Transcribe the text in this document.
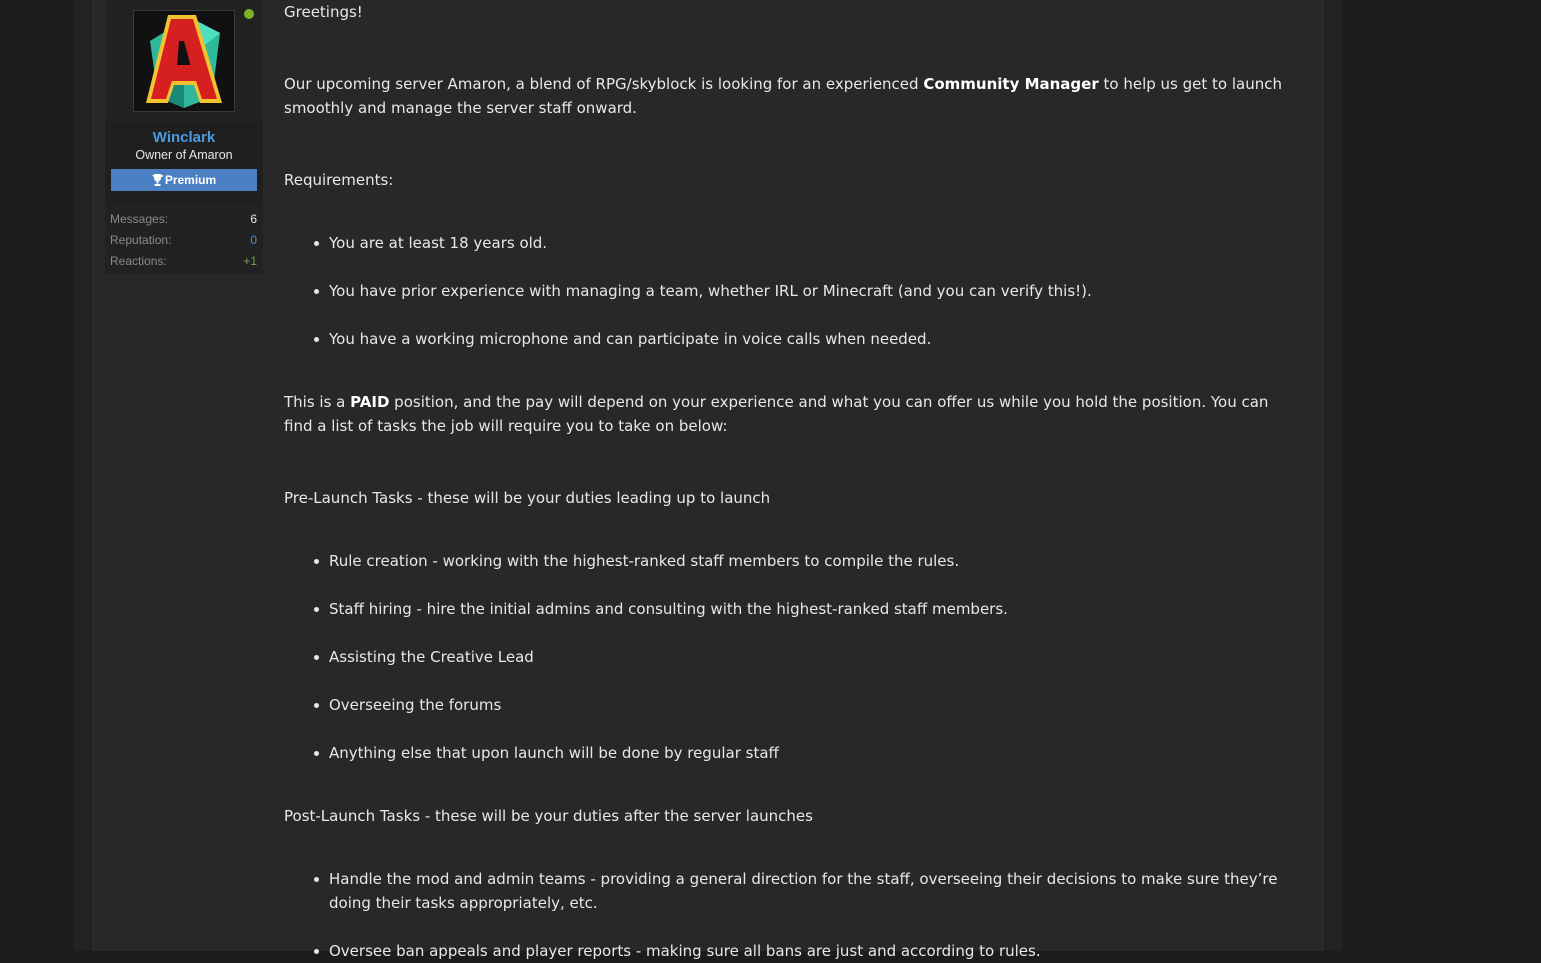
Winclark
Owner of Amaron
Premium
Messages:	6
Reputation:	0
Reactions:	+1

Greetings!

Our upcoming server Amaron, a blend of RPG/skyblock is looking for an experienced Community Manager to help us get to launch smoothly and manage the server staff onward.

Requirements:

You are at least 18 years old.
You have prior experience with managing a team, whether IRL or Minecraft (and you can verify this!).
You have a working microphone and can participate in voice calls when needed.

This is a PAID position, and the pay will depend on your experience and what you can offer us while you hold the position. You can find a list of tasks the job will require you to take on below:

Pre-Launch Tasks - these will be your duties leading up to launch

Rule creation - working with the highest-ranked staff members to compile the rules.
Staff hiring - hire the initial admins and consulting with the highest-ranked staff members.
Assisting the Creative Lead
Overseeing the forums
Anything else that upon launch will be done by regular staff

Post-Launch Tasks - these will be your duties after the server launches

Handle the mod and admin teams - providing a general direction for the staff, overseeing their decisions to make sure they’re doing their tasks appropriately, etc.
Oversee ban appeals and player reports - making sure all bans are just and according to rules.
